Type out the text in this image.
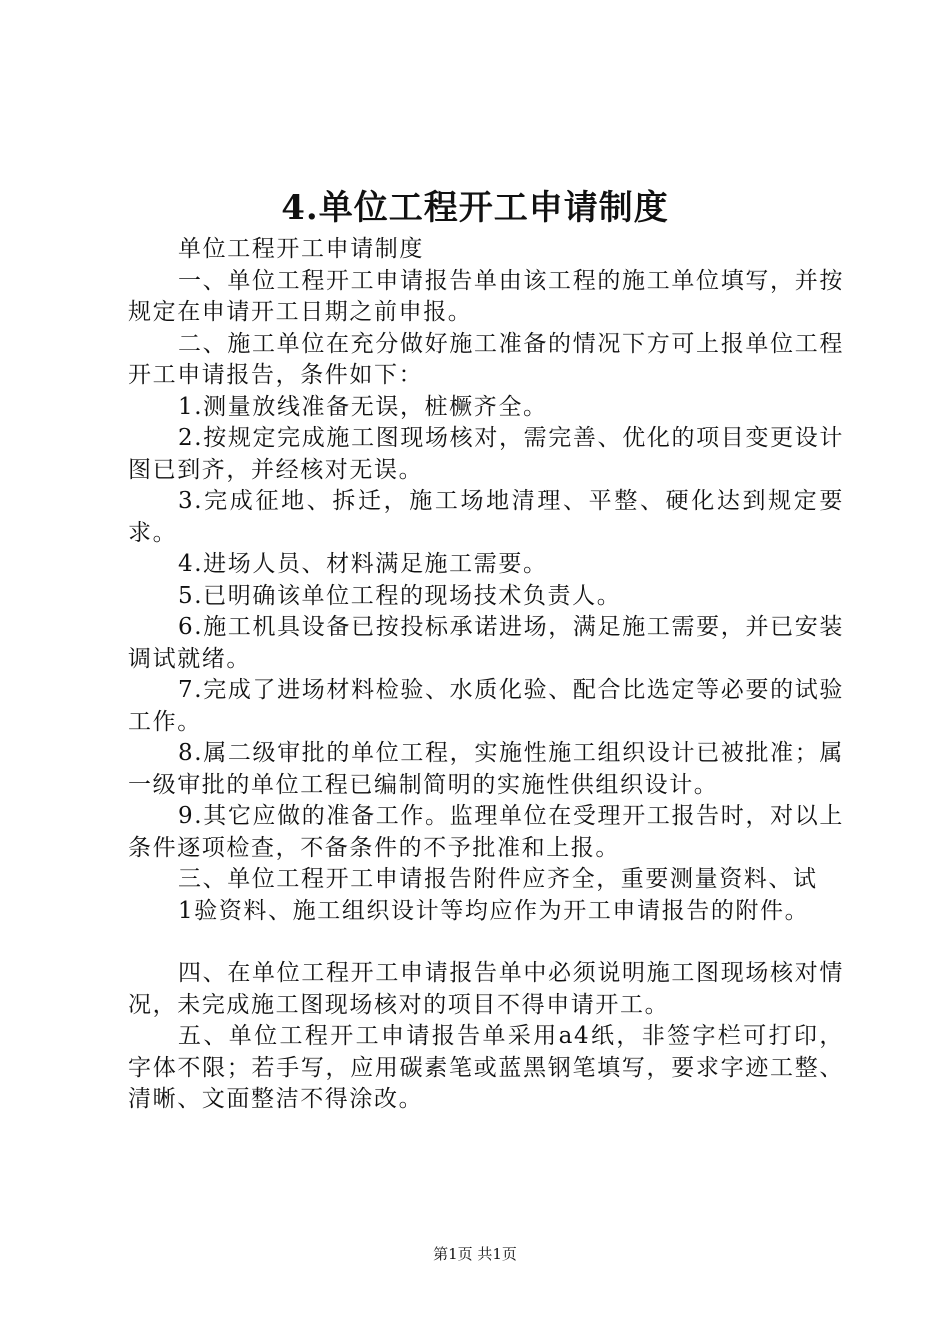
4.单位工程开工申请制度

单位工程开工申请制度

一、单位工程开工申请报告单由该工程的施工单位填写，并按规定在申请开工日期之前申报。

二、施工单位在充分做好施工准备的情况下方可上报单位工程开工申请报告，条件如下：

1.测量放线准备无误，桩橛齐全。

2.按规定完成施工图现场核对，需完善、优化的项目变更设计图已到齐，并经核对无误。

3.完成征地、拆迁，施工场地清理、平整、硬化达到规定要求。

4.进场人员、材料满足施工需要。

5.已明确该单位工程的现场技术负责人。

6.施工机具设备已按投标承诺进场，满足施工需要，并已安装调试就绪。

7.完成了进场材料检验、水质化验、配合比选定等必要的试验工作。

8.属二级审批的单位工程，实施性施工组织设计已被批准；属一级审批的单位工程已编制简明的实施性供组织设计。

9.其它应做的准备工作。监理单位在受理开工报告时，对以上条件逐项检查，不备条件的不予批准和上报。

三、单位工程开工申请报告附件应齐全，重要测量资料、试

1验资料、施工组织设计等均应作为开工申请报告的附件。

四、在单位工程开工申请报告单中必须说明施工图现场核对情况，未完成施工图现场核对的项目不得申请开工。

五、单位工程开工申请报告单采用a4纸，非签字栏可打印，字体不限；若手写，应用碳素笔或蓝黑钢笔填写，要求字迹工整、清晰、文面整洁不得涂改。

第1页 共1页
